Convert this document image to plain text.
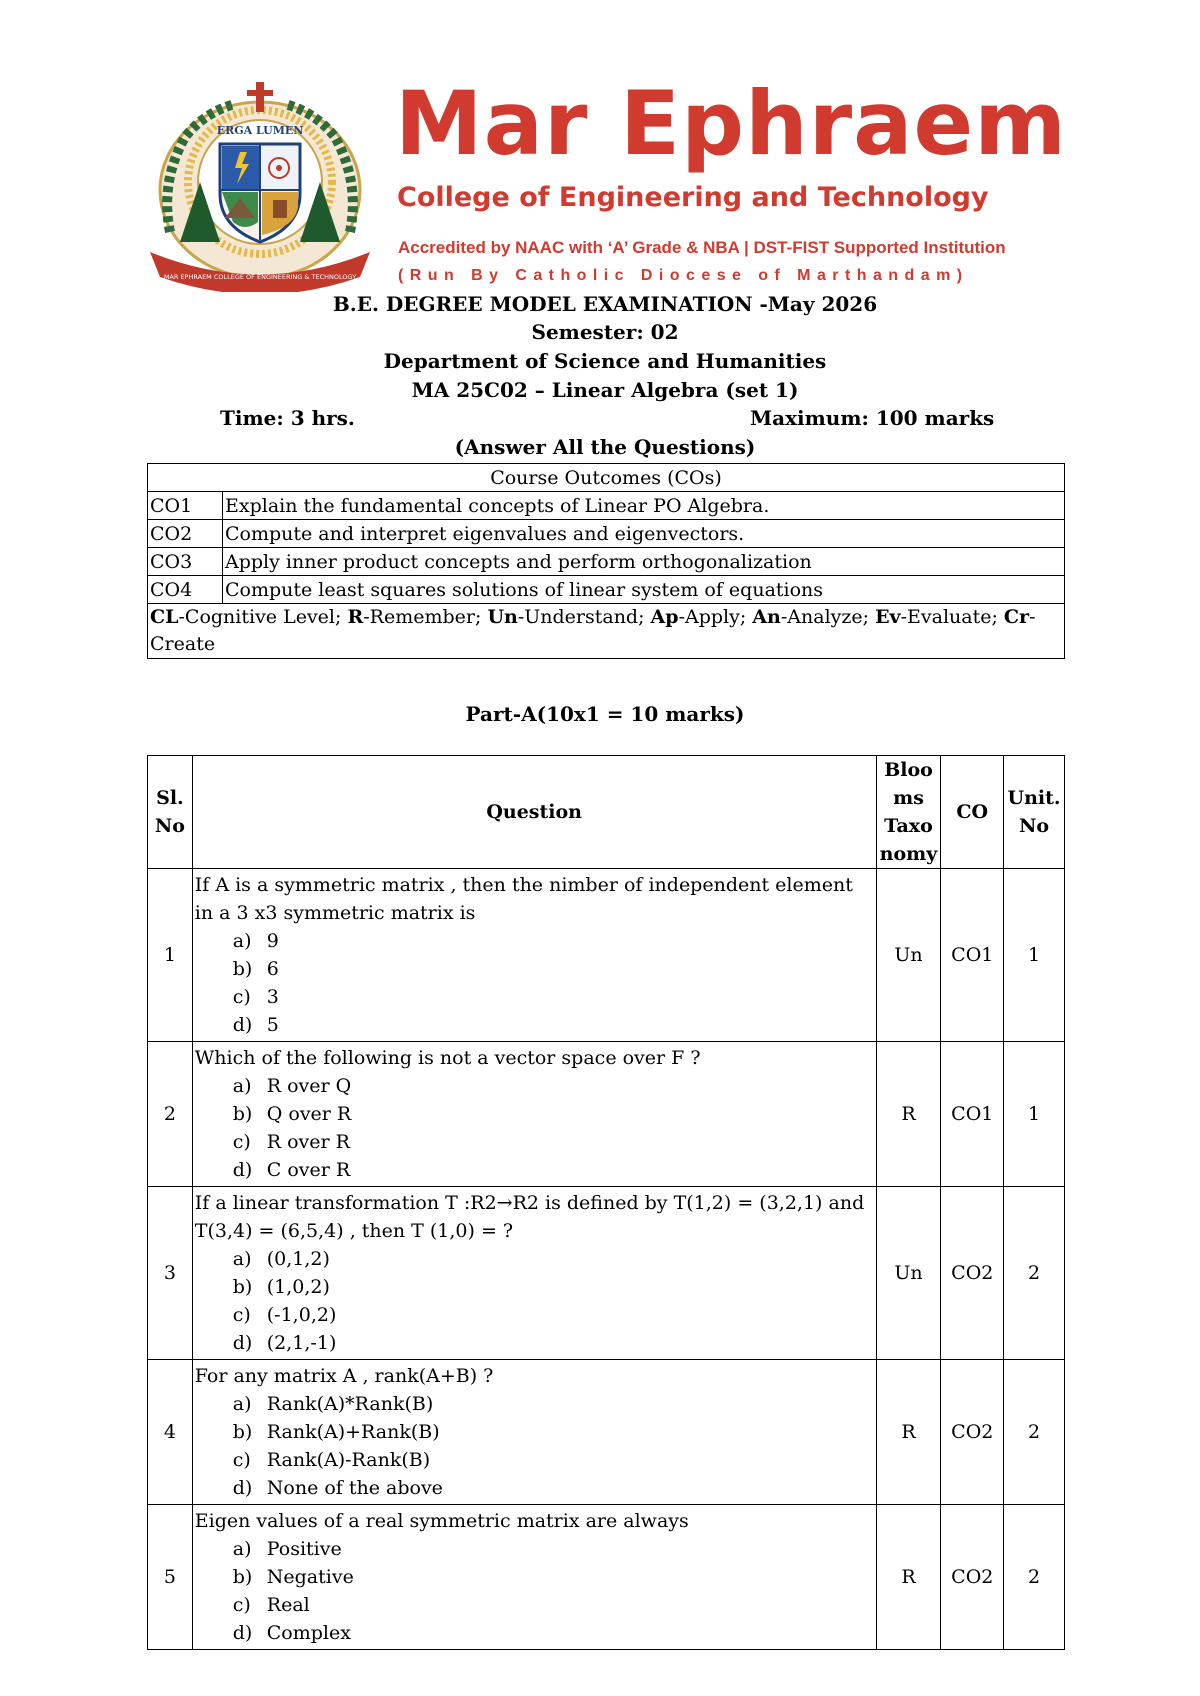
ERGA LUMEN
MAR EPHRAEM COLLEGE OF ENGINEERING & TECHNOLOGY
Mar Ephraem
College of Engineering and Technology
Accredited by NAAC with ‘A’ Grade & NBA | DST-FIST Supported Institution
( R u n   B y   C a t h o l i c   D i o c e s e   o f   M a r t h a n d a m )
B.E. DEGREE MODEL EXAMINATION -May 2026
Semester: 02
Department of Science and Humanities
MA 25C02 – Linear Algebra (set 1)
Time: 3 hrs.	Maximum: 100 marks
(Answer All the Questions)
Course Outcomes (COs)	
CO1	Explain the fundamental concepts of Linear PO Algebra.
CO2	Compute and interpret eigenvalues and eigenvectors.
CO3	Apply inner product concepts and perform orthogonalization
CO4	Compute least squares solutions of linear system of equations
CL-Cognitive Level; R-Remember; Un-Understand; Ap-Apply; An-Analyze; Ev-Evaluate; Cr-Create	
Part-A(10x1 = 10 marks)
Sl.
No	Question	Bloo
ms
Taxo
nomy	CO	Unit.
No
1	If A is a symmetric matrix , then the nimber of independent element in a 3 x3 symmetric matrix is
a) 9
b) 6
c) 3
d) 5	Un	CO1	1
2	Which of the following is not a vector space over F ?
a) R over Q
b) Q over R
c) R over R
d) C over R	R	CO1	1
3	If a linear transformation T :R2→R2 is defined by T(1,2) = (3,2,1) and T(3,4) = (6,5,4) , then T (1,0) = ?
a) (0,1,2)
b) (1,0,2)
c) (-1,0,2)
d) (2,1,-1)	Un	CO2	2
4	For any matrix A , rank(A+B) ?
a) Rank(A)*Rank(B)
b) Rank(A)+Rank(B)
c) Rank(A)-Rank(B)
d) None of the above	R	CO2	2
5	Eigen values of a real symmetric matrix are always
a) Positive
b) Negative
c) Real
d) Complex	R	CO2	2
